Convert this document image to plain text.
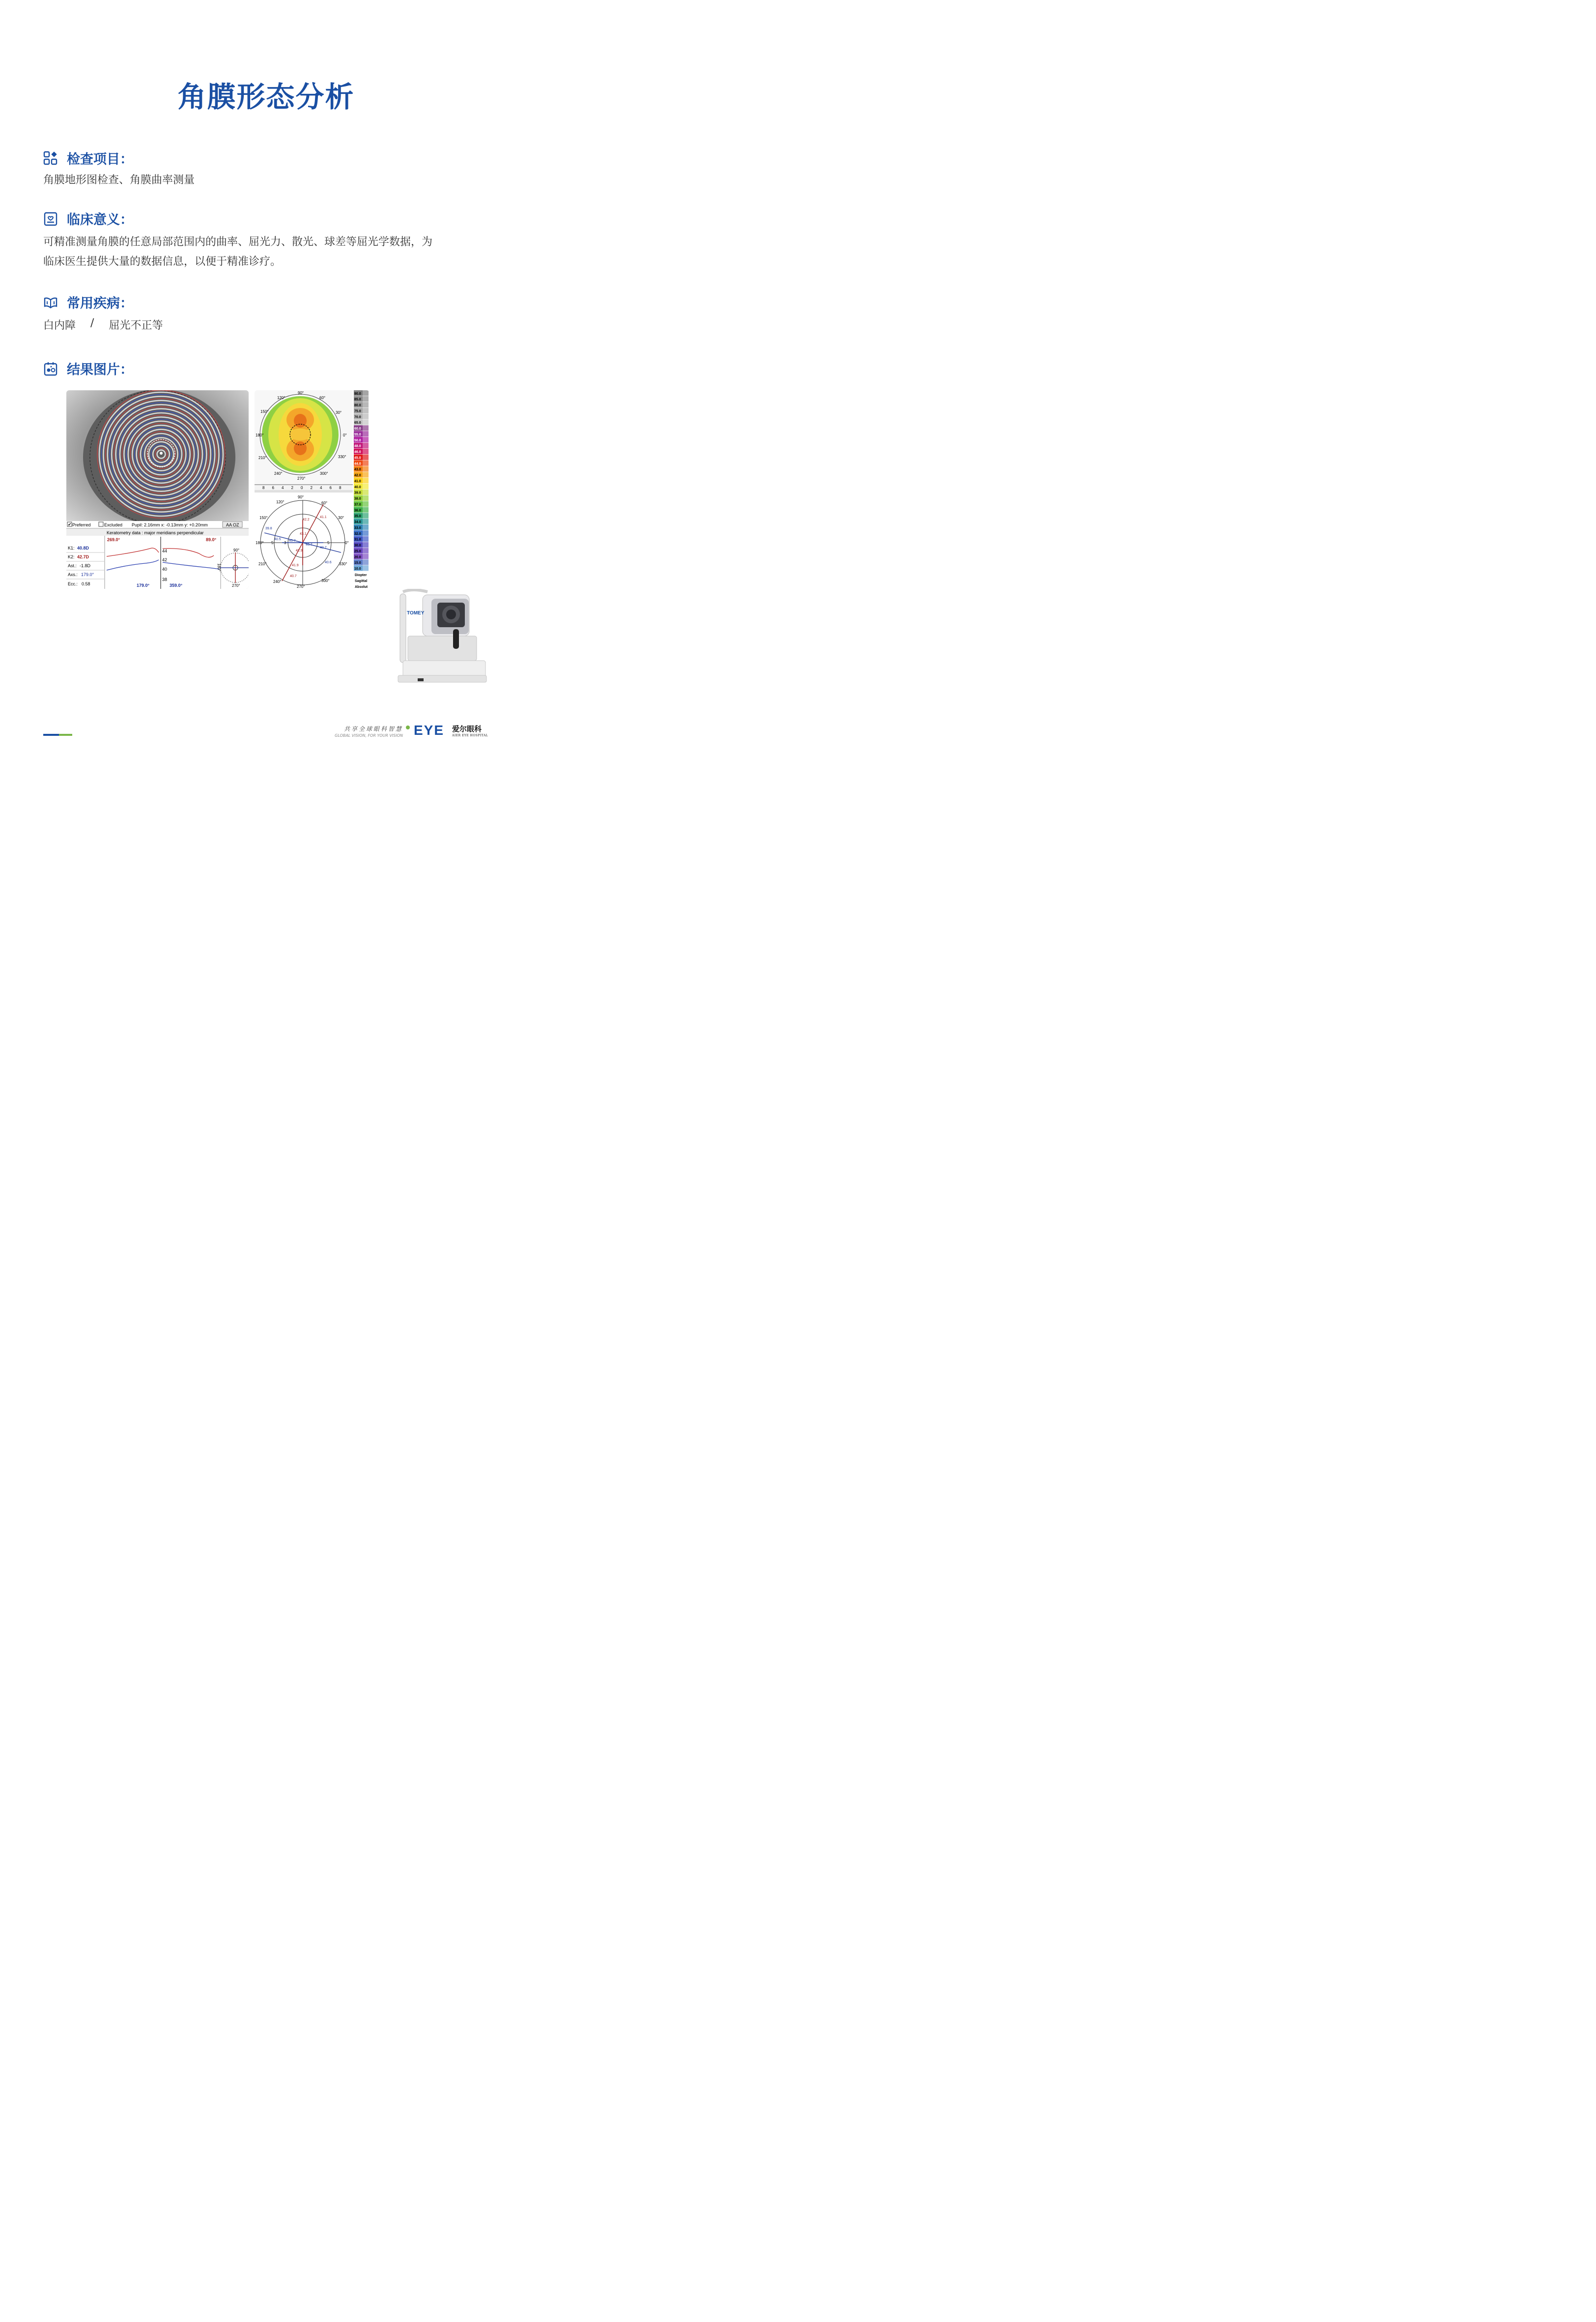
角膜形态分析
检查项目：
角膜地形图检查、角膜曲率测量
临床意义：
可精准测量角膜的任意局部范围内的曲率、屈光力、散光、球差等屈光学数据，为
临床医生提供大量的数据信息，以便于精准诊疗。
常用疾病：
白内障 / 屈光不正等
结果图片：
✔ Preferred	Excluded Pupil: 2.16mm x: -0.13mm y: +0.20mm	AA OZ
Keratometry data : major meridians perpendicular
K1: 40.8D
K2: 42.7D
Ast.: -1.8D
Axs.: 179.0°
Ecc.: 0.58
269.0°	89.0°
179.0°	359.0°
44
42
40
38
90°
270°
180°
90°
120°	60°
150°	30°
180°	0°
210°	330°
240°	300°
270°
8 6 4 2 0 2 4 6 8
42.2
41.1
43.1
42.9
41.9
40.7
39.8
40.5 40.7
40.7
40.7
40.6
5	3	5
90°
120°	60°
150°	30°
180°	0°
210°	330°
240°	300°
270°
90.0
85.0
80.0
75.0
70.0
65.0
60.0
55.0
50.0
48.0
46.0
45.0
44.0
43.0
42.0
41.0
40.0
39.0
38.0
37.0
36.0
35.0
34.0
33.0
32.0
31.0
30.0
25.0
20.0
15.0
10.0
Diopter
Sagittal
Absolut
TOMEY
共享全球眼科智慧
GLOBAL VISION, FOR YOUR VISION EYE 爱尔眼科
AIER EYE HOSPITAL
